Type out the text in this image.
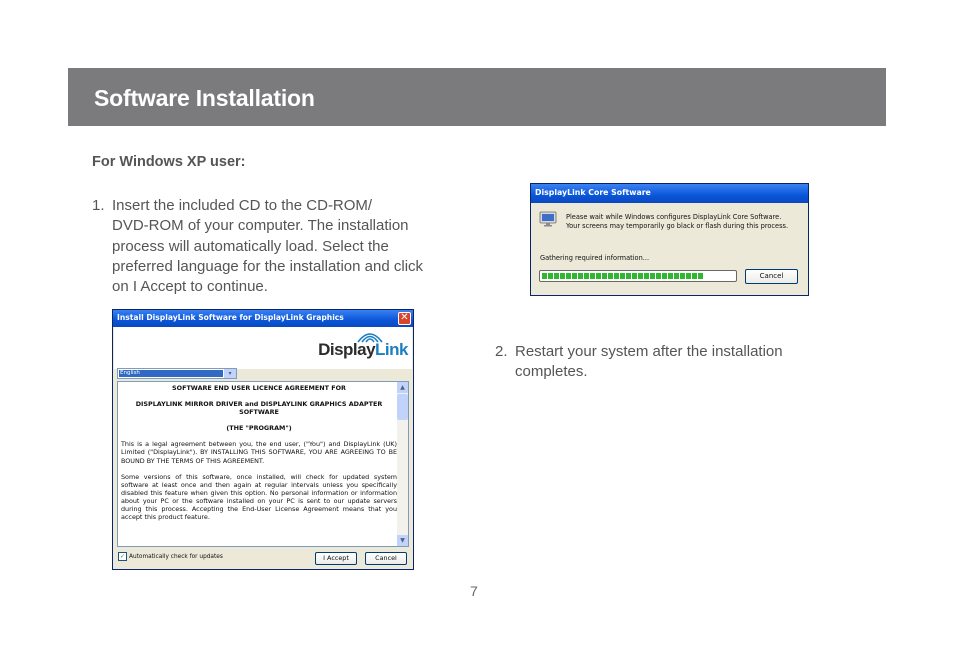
Software Installation
For Windows XP user:
1. Insert the included CD to the CD-ROM/
DVD-ROM of your computer. The installation
process will automatically load. Select the
preferred language for the installation and click
on I Accept to continue.
2. Restart your system after the installation
completes.
Install DisplayLink Software for DisplayLink Graphics	✕
DisplayLink
English	▾
SOFTWARE END USER LICENCE AGREEMENT FOR
DISPLAYLINK MIRROR DRIVER and DISPLAYLINK GRAPHICS ADAPTER SOFTWARE
(THE "PROGRAM")
This is a legal agreement between you, the end user, ("You") and DisplayLink (UK) Limited ("DisplayLink"). BY INSTALLING THIS SOFTWARE, YOU ARE AGREEING TO BE BOUND BY THE TERMS OF THIS AGREEMENT.
Some versions of this software, once installed, will check for updated system software at least once and then again at regular intervals unless you specifically disabled this feature when given this option. No personal information or information about your PC or the software installed on your PC is sent to our update servers during this process. Accepting the End-User License Agreement means that you accept this product feature.
▲
▼
✓ Automatically check for updates	I Accept	Cancel
DisplayLink Core Software
Please wait while Windows configures DisplayLink Core Software.
Your screens may temporarily go black or flash during this process.
Gathering required information...
Cancel
7
